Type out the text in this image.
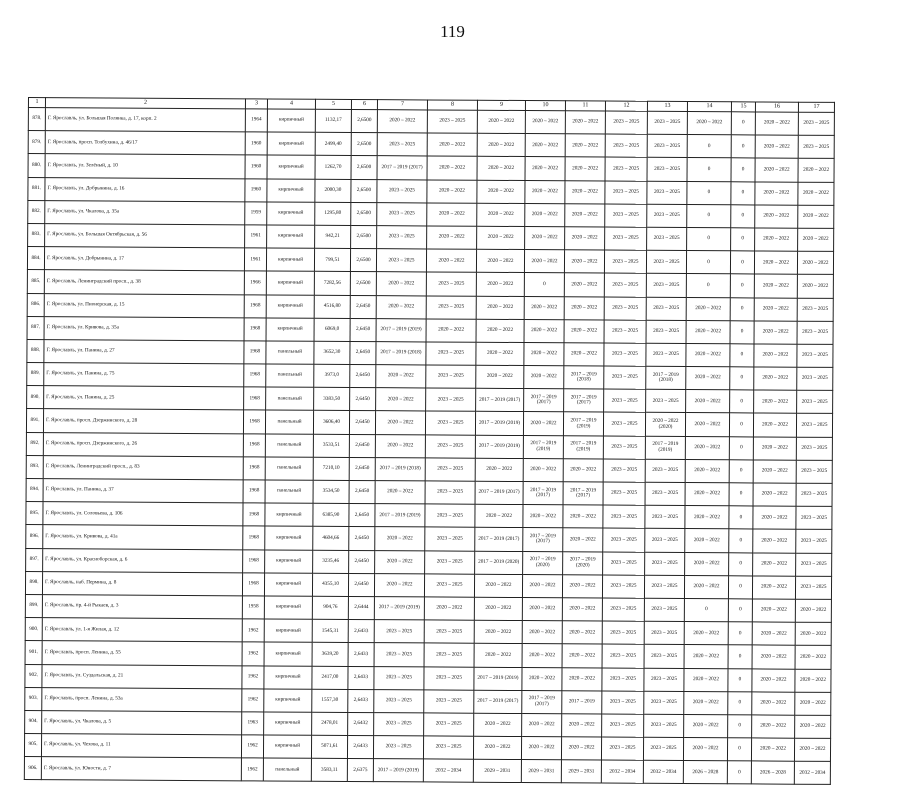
119
1	2	3	4	5	6	7	8	9	10	11	12	13	14	15	16	17
878.	Г. Ярославль, ул. Большая Полянка, д. 17, корп. 2	1964	кирпичный	1132,17	2,6500	2020 – 2022	2023 – 2025	2020 – 2022	2020 – 2022	2020 – 2022	2023 – 2025	2023 – 2025	2020 – 2022	0	2020 – 2022	2023 – 2025
879.	Г. Ярославль, просп. Толбухина, д. 46/17	1960	кирпичный	2499,40	2,6500	2023 – 2025	2020 – 2022	2020 – 2022	2020 – 2022	2020 – 2022	2023 – 2025	2023 – 2025	0	0	2020 – 2022	2023 – 2025
880.	Г. Ярославль, ул. Зелёный, д. 10	1960	кирпичный	1262,70	2,6500	2017 – 2019 (2017)	2020 – 2022	2020 – 2022	2020 – 2022	2020 – 2022	2023 – 2025	2023 – 2025	0	0	2020 – 2022	2020 – 2022
881.	Г. Ярославль, ул. Добрынина, д. 16	1960	кирпичный	2000,30	2,6500	2023 – 2025	2020 – 2022	2020 – 2022	2020 – 2022	2020 – 2022	2023 – 2025	2023 – 2025	0	0	2020 – 2022	2020 – 2022
882.	Г. Ярославль, ул. Чкалова, д. 35а	1959	кирпичный	1295,80	2,6500	2023 – 2025	2020 – 2022	2020 – 2022	2020 – 2022	2020 – 2022	2023 – 2025	2023 – 2025	0	0	2020 – 2022	2020 – 2022
883.	Г. Ярославль, ул. Большая Октябрьская, д. 56	1961	кирпичный	942,21	2,6500	2023 – 2025	2020 – 2022	2020 – 2022	2020 – 2022	2020 – 2022	2023 – 2025	2023 – 2025	0	0	2020 – 2022	2020 – 2022
884.	Г. Ярославль, ул. Добрынина, д. 17	1961	кирпичный	799,51	2,6500	2023 – 2025	2020 – 2022	2020 – 2022	2020 – 2022	2020 – 2022	2023 – 2025	2023 – 2025	0	0	2020 – 2022	2020 – 2022
885.	Г. Ярославль, Ленинградский просп., д. 38	1966	кирпичный	7282,56	2,6500	2020 – 2022	2023 – 2025	2020 – 2022	0	2020 – 2022	2023 – 2025	2023 – 2025	0	0	2020 – 2022	2020 – 2022
886.	Г. Ярославль, ул. Пионерская, д. 15	1968	кирпичный	4516,80	2,6450	2020 – 2022	2023 – 2025	2020 – 2022	2020 – 2022	2020 – 2022	2023 – 2025	2023 – 2025	2020 – 2022	0	2020 – 2022	2023 – 2025
887.	Г. Ярославль, ул. Кривова, д. 35а	1968	кирпичный	6069,0	2,6450	2017 – 2019 (2019)	2020 – 2022	2020 – 2022	2020 – 2022	2020 – 2022	2023 – 2025	2023 – 2025	2020 – 2022	0	2020 – 2022	2023 – 2025
888.	Г. Ярославль, ул. Панина, д. 27	1968	панельный	3652,30	2,6450	2017 – 2019 (2018)	2023 – 2025	2020 – 2022	2020 – 2022	2020 – 2022	2023 – 2025	2023 – 2025	2020 – 2022	0	2020 – 2022	2023 – 2025
889.	Г. Ярославль, ул. Панина, д. 75	1968	панельный	3973,0	2,6450	2020 – 2022	2023 – 2025	2020 – 2022	2020 – 2022	2017 – 2019 (2018)	2023 – 2025	2017 – 2019 (2018)	2020 – 2022	0	2020 – 2022	2023 – 2025
890.	Г. Ярославль, ул. Панина, д. 25	1968	панельный	3383,50	2,6450	2020 – 2022	2023 – 2025	2017 – 2019 (2017)	2017 – 2019 (2017)	2017 – 2019 (2017)	2023 – 2025	2023 – 2025	2020 – 2022	0	2020 – 2022	2023 – 2025
891.	Г. Ярославль, просп. Дзержинского, д. 28	1968	панельный	3606,40	2,6450	2020 – 2022	2023 – 2025	2017 – 2019 (2019)	2020 – 2022	2017 – 2019 (2019)	2023 – 2025	2020 – 2022 (2020)	2020 – 2022	0	2020 – 2022	2023 – 2025
892.	Г. Ярославль, просп. Дзержинского, д. 26	1968	панельный	3533,51	2,6450	2020 – 2022	2023 – 2025	2017 – 2019 (2019)	2017 – 2019 (2019)	2017 – 2019 (2019)	2023 – 2025	2017 – 2019 (2019)	2020 – 2022	0	2020 – 2022	2023 – 2025
893.	Г. Ярославль, Ленинградский просп., д. 83	1968	панельный	7210,10	2,6450	2017 – 2019 (2018)	2023 – 2025	2020 – 2022	2020 – 2022	2020 – 2022	2023 – 2025	2023 – 2025	2020 – 2022	0	2020 – 2022	2023 – 2025
894.	Г. Ярославль, ул. Панина, д. 37	1968	панельный	3534,50	2,6450	2020 – 2022	2023 – 2025	2017 – 2019 (2017)	2017 – 2019 (2017)	2017 – 2019 (2017)	2023 – 2025	2023 – 2025	2020 – 2022	0	2020 – 2022	2023 – 2025
895.	Г. Ярославль, ул. Соловьева, д. 106	1968	кирпичный	6385,90	2,6450	2017 – 2019 (2019)	2023 – 2025	2020 – 2022	2020 – 2022	2020 – 2022	2023 – 2025	2023 – 2025	2020 – 2022	0	2020 – 2022	2023 – 2025
896.	Г. Ярославль, ул. Кривова, д. 41а	1968	кирпичный	4604,66	2,6450	2020 – 2022	2023 – 2025	2017 – 2019 (2017)	2017 – 2019 (2017)	2020 – 2022	2023 – 2025	2023 – 2025	2020 – 2022	0	2020 – 2022	2023 – 2025
897.	Г. Ярославль, ул. Красноборская, д. 6	1968	кирпичный	3235,46	2,6450	2020 – 2022	2023 – 2025	2017 – 2019 (2020)	2017 – 2019 (2020)	2017 – 2019 (2020)	2023 – 2025	2023 – 2025	2020 – 2022	0	2020 – 2022	2023 – 2025
898.	Г. Ярославль, наб. Пермина, д. 8	1968	кирпичный	4355,10	2,6450	2020 – 2022	2023 – 2025	2020 – 2022	2020 – 2022	2020 – 2022	2023 – 2025	2023 – 2025	2020 – 2022	0	2020 – 2022	2023 – 2025
899.	Г. Ярославль, пр. 4-й Рыкаев, д. 3	1958	кирпичный	904,76	2,6444	2017 – 2019 (2019)	2020 – 2022	2020 – 2022	2020 – 2022	2020 – 2022	2023 – 2025	2023 – 2025	0	0	2020 – 2022	2020 – 2022
900.	Г. Ярославль, ул. 1-я Жилая, д. 12	1962	кирпичный	1545,31	2,6433	2023 – 2025	2023 – 2025	2020 – 2022	2020 – 2022	2020 – 2022	2023 – 2025	2023 – 2025	2020 – 2022	0	2020 – 2022	2020 – 2022
901.	Г. Ярославль, просп. Ленина, д. 55	1962	кирпичный	3639,20	2,6433	2023 – 2025	2023 – 2025	2020 – 2022	2020 – 2022	2020 – 2022	2023 – 2025	2023 – 2025	2020 – 2022	0	2020 – 2022	2020 – 2022
902.	Г. Ярославль, ул. Суздальская, д. 21	1962	кирпичный	2417,00	2,6433	2023 – 2025	2023 – 2025	2017 – 2019 (2019)	2020 – 2022	2020 – 2022	2023 – 2025	2023 – 2025	2020 – 2022	0	2020 – 2022	2020 – 2022
903.	Г. Ярославль, просп. Ленина, д. 53а	1962	кирпичный	1557,30	2,6433	2023 – 2025	2023 – 2025	2017 – 2019 (2017)	2017 – 2019 (2017)	2017 – 2019	2023 – 2025	2023 – 2025	2020 – 2022	0	2020 – 2022	2020 – 2022
904.	Г. Ярославль, ул. Чкалова, д. 5	1963	кирпичный	2478,01	2,6432	2023 – 2025	2023 – 2025	2020 – 2022	2020 – 2022	2020 – 2022	2023 – 2025	2023 – 2025	2020 – 2022	0	2020 – 2022	2020 – 2022
905.	Г. Ярославль, ул. Чехова, д. 11	1962	кирпичный	5071,61	2,6433	2023 – 2025	2023 – 2025	2020 – 2022	2020 – 2022	2020 – 2022	2023 – 2025	2023 – 2025	2020 – 2022	0	2020 – 2022	2020 – 2022
906.	Г. Ярославль, ул. Юности, д. 7	1962	панельный	3583,11	2,6375	2017 – 2019 (2019)	2032 – 2034	2029 – 2031	2029 – 2031	2029 – 2031	2032 – 2034	2032 – 2034	2026 – 2028	0	2026 – 2028	2032 – 2034
